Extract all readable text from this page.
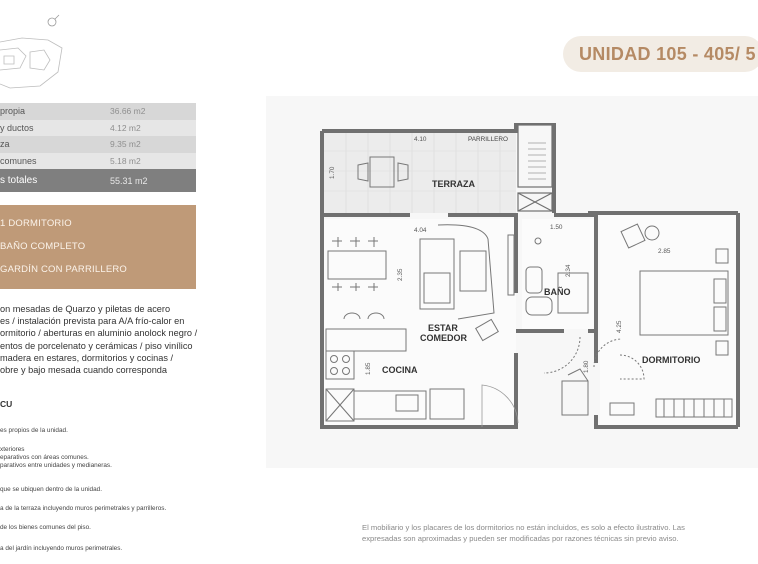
propia	36.66 m2
y ductos	4.12 m2
za	9.35 m2
comunes	5.18 m2
s totales	55.31 m2
1 DORMITORIO
BAÑO COMPLETO
GARDÍN CON PARRILLERO
on mesadas de Quarzo y piletas de acero
es / instalación prevista para A/A frío-calor en
ormitorio / aberturas en aluminio anolock negro /
entos de porcelenato y cerámicas / piso vinílico
madera en estares, dormitorios y cocinas /
obre y bajo mesada cuando corresponda
CU
es propios de la unidad.
xteriores
eparativos con áreas comunes.
parativos entre unidades y medianeras.
que se ubiquen dentro de la unidad.
a de la terraza incluyendo muros perimetrales y parrilleros.
de los bienes comunes del piso.
a del jardín incluyendo muros perimetrales.
UNIDAD 105 - 405/ 5
4.10
1.70
4.04
2.35
1.85
1.50
2.34
1.80
2.85
4.25
TERRAZA
ESTAR
COMEDOR
COCINA
BAÑO
DORMITORIO
PARRILLERO
El mobiliario y los placares de los dormitorios no están incluidos, es solo a efecto ilustrativo. Las
expresadas son aproximadas y pueden ser modificadas por razones técnicas sin previo aviso.
